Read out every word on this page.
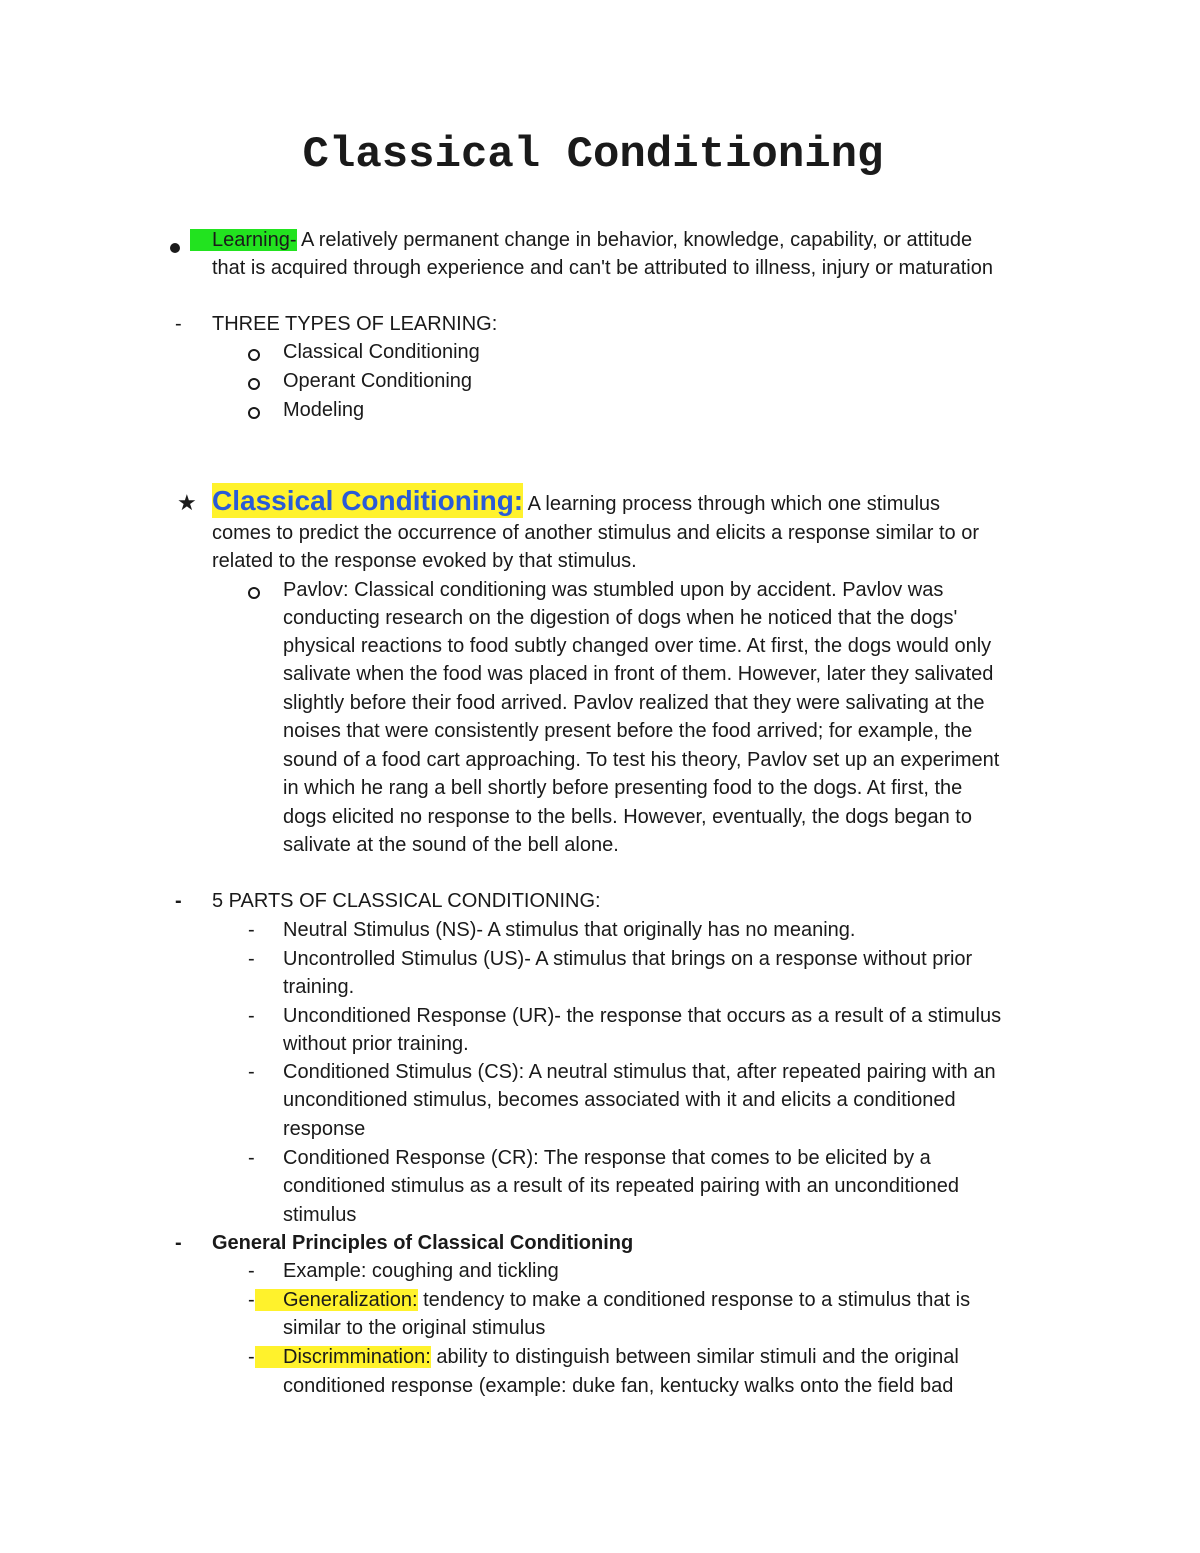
Classical Conditioning
Learning- A relatively permanent change in behavior, knowledge, capability, or attitude
that is acquired through experience and can't be attributed to illness, injury or maturation
- THREE TYPES OF LEARNING:
Classical Conditioning
Operant Conditioning
Modeling
★ Classical Conditioning: A learning process through which one stimulus
comes to predict the occurrence of another stimulus and elicits a response similar to or
related to the response evoked by that stimulus.
Pavlov: Classical conditioning was stumbled upon by accident. Pavlov was
conducting research on the digestion of dogs when he noticed that the dogs'
physical reactions to food subtly changed over time. At first, the dogs would only
salivate when the food was placed in front of them. However, later they salivated
slightly before their food arrived. Pavlov realized that they were salivating at the
noises that were consistently present before the food arrived; for example, the
sound of a food cart approaching. To test his theory, Pavlov set up an experiment
in which he rang a bell shortly before presenting food to the dogs. At first, the
dogs elicited no response to the bells. However, eventually, the dogs began to
salivate at the sound of the bell alone.
- 5 PARTS OF CLASSICAL CONDITIONING:
- Neutral Stimulus (NS)- A stimulus that originally has no meaning.
- Uncontrolled Stimulus (US)- A stimulus that brings on a response without prior
training.
- Unconditioned Response (UR)- the response that occurs as a result of a stimulus
without prior training.
- Conditioned Stimulus (CS): A neutral stimulus that, after repeated pairing with an
unconditioned stimulus, becomes associated with it and elicits a conditioned
response
- Conditioned Response (CR): The response that comes to be elicited by a
conditioned stimulus as a result of its repeated pairing with an unconditioned
stimulus
- General Principles of Classical Conditioning
- Example: coughing and tickling
-	Generalization: tendency to make a conditioned response to a stimulus that is
similar to the original stimulus
-	Discrimmination: ability to distinguish between similar stimuli and the original
conditioned response (example: duke fan, kentucky walks onto the field bad
